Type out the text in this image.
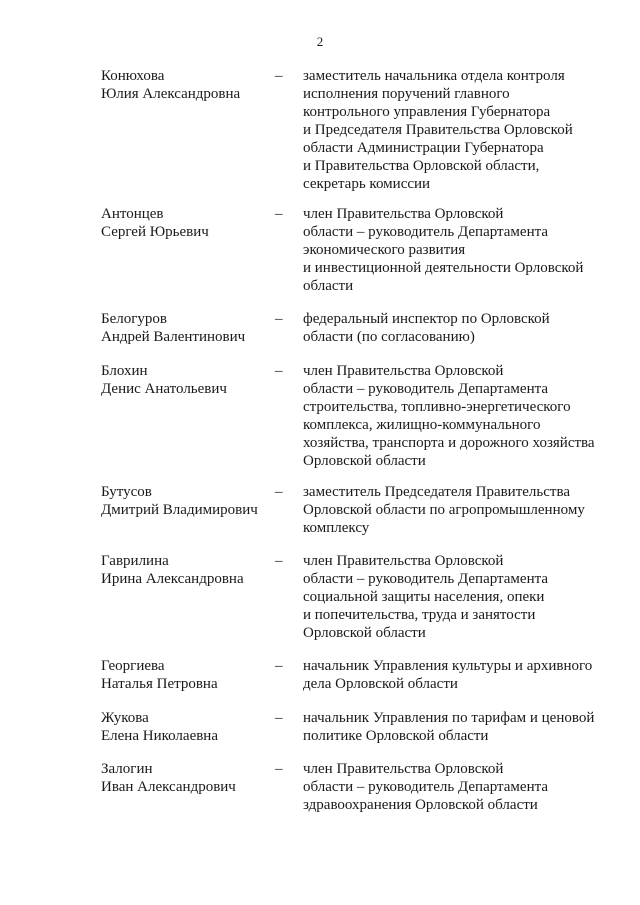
2
Конюхова
Юлия Александровна
– заместитель начальника отдела контроля
исполнения поручений главного
контрольного управления Губернатора
и Председателя Правительства Орловской
области Администрации Губернатора
и Правительства Орловской области,
секретарь комиссии
Антонцев
Сергей Юрьевич
– член Правительства Орловской
области – руководитель Департамента
экономического развития
и инвестиционной деятельности Орловской
области
Белогуров
Андрей Валентинович
– федеральный инспектор по Орловской
области (по согласованию)
Блохин
Денис Анатольевич
– член Правительства Орловской
области – руководитель Департамента
строительства, топливно-энергетического
комплекса, жилищно-коммунального
хозяйства, транспорта и дорожного хозяйства
Орловской области
Бутусов
Дмитрий Владимирович
– заместитель Председателя Правительства
Орловской области по агропромышленному
комплексу
Гаврилина
Ирина Александровна
– член Правительства Орловской
области – руководитель Департамента
социальной защиты населения, опеки
и попечительства, труда и занятости
Орловской области
Георгиева
Наталья Петровна
– начальник Управления культуры и архивного
дела Орловской области
Жукова
Елена Николаевна
– начальник Управления по тарифам и ценовой
политике Орловской области
Залогин
Иван Александрович
– член Правительства Орловской
области – руководитель Департамента
здравоохранения Орловской области
